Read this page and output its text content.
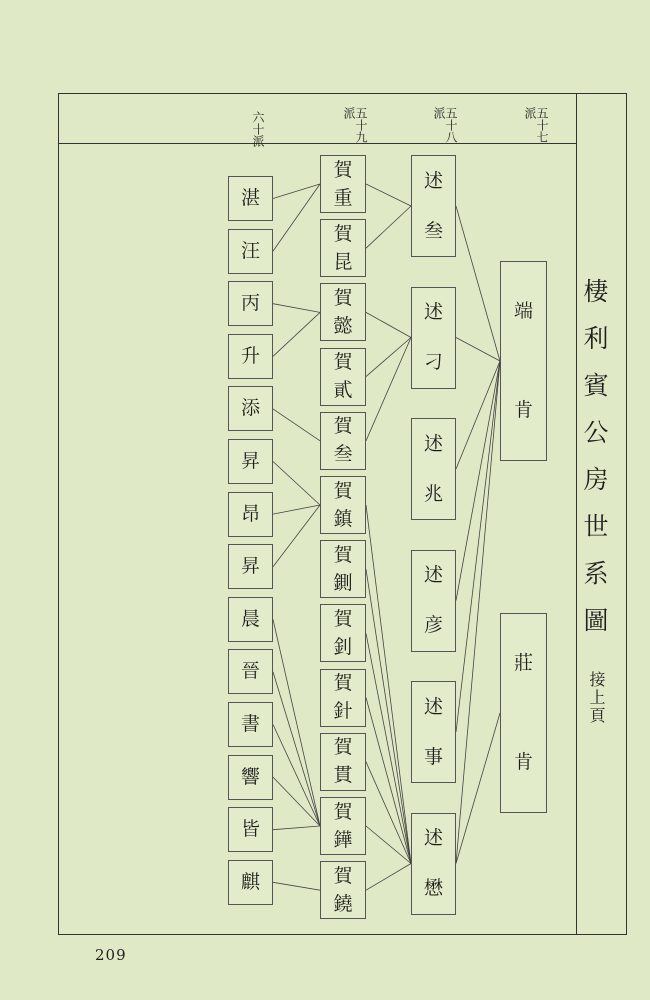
棲利賓公房世系圖
接上頁
五十七派
五十八派
五十九派
六十派
端
肯
莊
肯
述
叁
述
刁
述
兆
述
彦
述
事
述
懋
賀
重
賀
昆
賀
懿
賀
貳
賀
叁
賀
鎮
賀
鍘
賀
釗
賀
針
賀
貫
賀
鏵
賀
鐃
湛
汪
丙
升
添
昇
昂
昇
晨
晉
書
響
皆
麒
209
